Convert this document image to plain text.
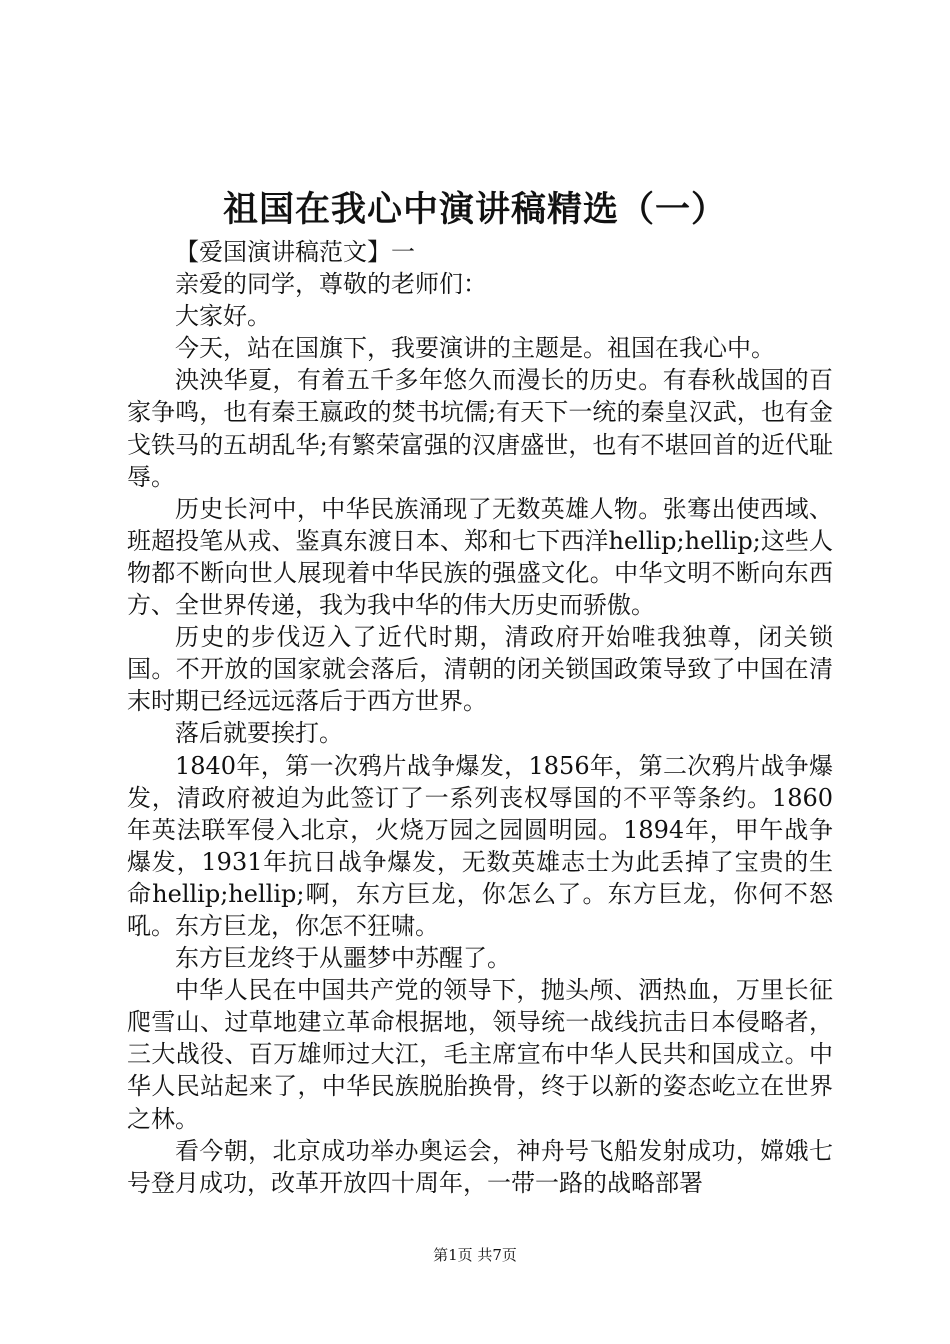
祖国在我心中演讲稿精选（一）

【爱国演讲稿范文】一

亲爱的同学，尊敬的老师们：

大家好。

今天，站在国旗下，我要演讲的主题是。祖国在我心中。

泱泱华夏，有着五千多年悠久而漫长的历史。有春秋战国的百家争鸣，也有秦王嬴政的焚书坑儒;有天下一统的秦皇汉武，也有金戈铁马的五胡乱华;有繁荣富强的汉唐盛世，也有不堪回首的近代耻辱。

历史长河中，中华民族涌现了无数英雄人物。张骞出使西域、班超投笔从戎、鉴真东渡日本、郑和七下西洋hellip;hellip;这些人物都不断向世人展现着中华民族的强盛文化。中华文明不断向东西方、全世界传递，我为我中华的伟大历史而骄傲。

历史的步伐迈入了近代时期，清政府开始唯我独尊，闭关锁国。不开放的国家就会落后，清朝的闭关锁国政策导致了中国在清末时期已经远远落后于西方世界。

落后就要挨打。

1840年，第一次鸦片战争爆发，1856年，第二次鸦片战争爆发，清政府被迫为此签订了一系列丧权辱国的不平等条约。1860年英法联军侵入北京，火烧万园之园圆明园。1894年，甲午战争爆发，1931年抗日战争爆发，无数英雄志士为此丢掉了宝贵的生命hellip;hellip;啊，东方巨龙，你怎么了。东方巨龙，你何不怒吼。东方巨龙，你怎不狂啸。

东方巨龙终于从噩梦中苏醒了。

中华人民在中国共产党的领导下，抛头颅、洒热血，万里长征爬雪山、过草地建立革命根据地，领导统一战线抗击日本侵略者，三大战役、百万雄师过大江，毛主席宣布中华人民共和国成立。中华人民站起来了，中华民族脱胎换骨，终于以新的姿态屹立在世界之林。

看今朝，北京成功举办奥运会，神舟号飞船发射成功，嫦娥七号登月成功，改革开放四十周年，一带一路的战略部署

第1页 共7页
